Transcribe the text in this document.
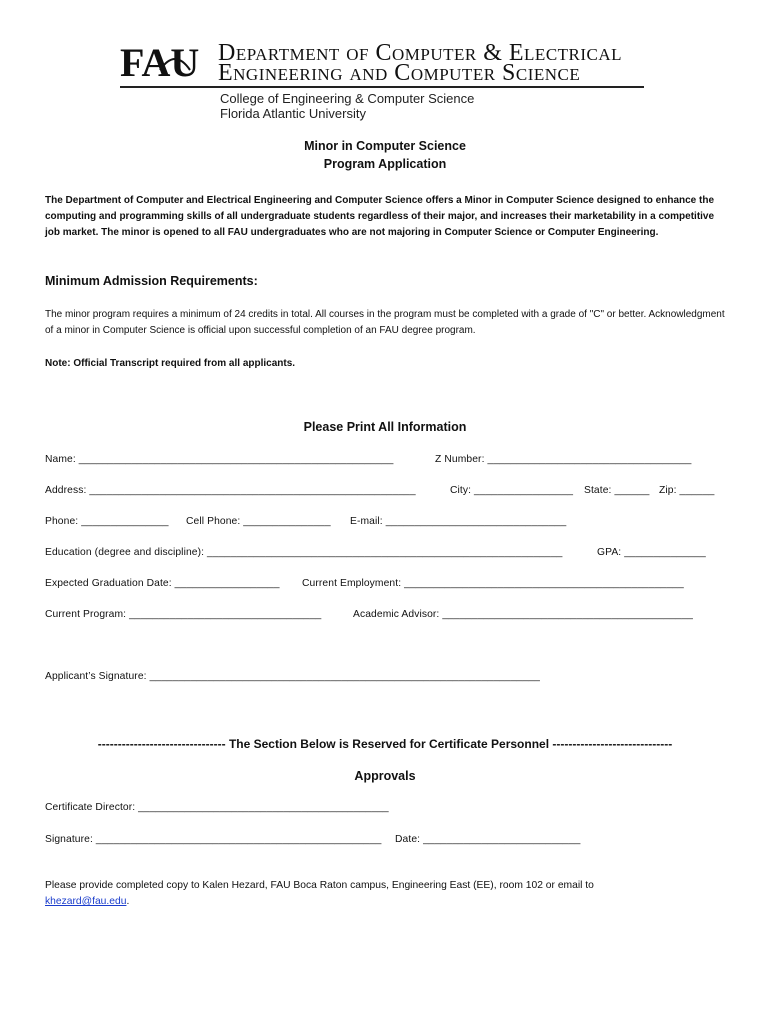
FAU Department of Computer & Electrical
Engineering and Computer Science
College of Engineering & Computer Science
Florida Atlantic University
Minor in Computer Science
Program Application
The Department of Computer and Electrical Engineering and Computer Science offers a Minor in Computer Science designed to enhance the computing and programming skills of all undergraduate students regardless of their major, and increases their marketability in a competitive job market. The minor is opened to all FAU undergraduates who are not majoring in Computer Science or Computer Engineering.
Minimum Admission Requirements:
The minor program requires a minimum of 24 credits in total. All courses in the program must be completed with a grade of "C" or better. Acknowledgment of a minor in Computer Science is official upon successful completion of an FAU degree program.
Note: Official Transcript required from all applicants.
Please Print All Information
Name: ______________________________________________________	Z Number: ___________________________________
Address: ________________________________________________________	City: _________________ State: ______ Zip: ______
Phone: _______________ Cell Phone: _______________ E-mail: _______________________________
Education (degree and discipline): _____________________________________________________________	GPA: ______________
Expected Graduation Date: __________________ Current Employment: ________________________________________________
Current Program: _________________________________	Academic Advisor: ___________________________________________
Applicant’s Signature: ___________________________________________________________________
-------------------------------- The Section Below is Reserved for Certificate Personnel ------------------------------
Approvals
Certificate Director: ___________________________________________
Signature: _________________________________________________ Date: ___________________________
Please provide completed copy to Kalen Hezard, FAU Boca Raton campus, Engineering East (EE), room 102 or email to
khezard@fau.edu.
